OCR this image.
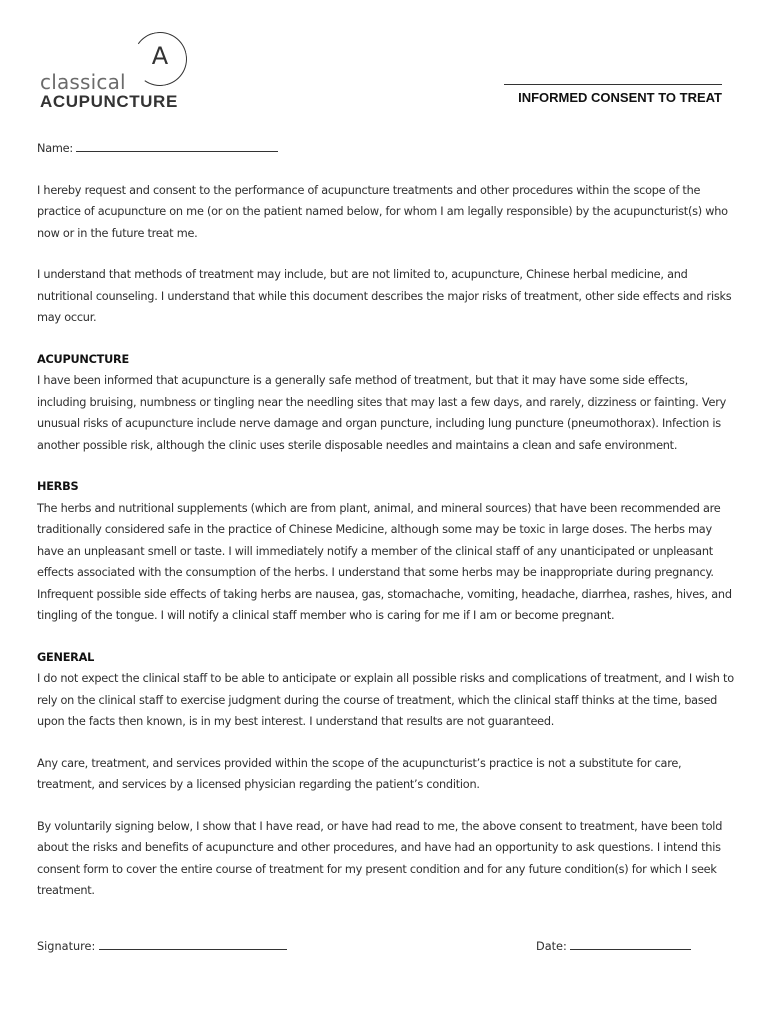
A
classical
ACUPUNCTURE	INFORMED CONSENT TO TREAT

Name:

I hereby request and consent to the performance of acupuncture treatments and other procedures within the scope of the practice of acupuncture on me (or on the patient named below, for whom I am legally responsible) by the acupuncturist(s) who now or in the future treat me.

I understand that methods of treatment may include, but are not limited to, acupuncture, Chinese herbal medicine, and nutritional counseling. I understand that while this document describes the major risks of treatment, other side effects and risks may occur.

ACUPUNCTURE

I have been informed that acupuncture is a generally safe method of treatment, but that it may have some side effects, including bruising, numbness or tingling near the needling sites that may last a few days, and rarely, dizziness or fainting. Very unusual risks of acupuncture include nerve damage and organ puncture, including lung puncture (pneumothorax). Infection is another possible risk, although the clinic uses sterile disposable needles and maintains a clean and safe environment.

HERBS

The herbs and nutritional supplements (which are from plant, animal, and mineral sources) that have been recommended are traditionally considered safe in the practice of Chinese Medicine, although some may be toxic in large doses. The herbs may have an unpleasant smell or taste. I will immediately notify a member of the clinical staff of any unanticipated or unpleasant effects associated with the consumption of the herbs. I understand that some herbs may be inappropriate during pregnancy. Infrequent possible side effects of taking herbs are nausea, gas, stomachache, vomiting, headache, diarrhea, rashes, hives, and tingling of the tongue. I will notify a clinical staff member who is caring for me if I am or become pregnant.

GENERAL

I do not expect the clinical staff to be able to anticipate or explain all possible risks and complications of treatment, and I wish to rely on the clinical staff to exercise judgment during the course of treatment, which the clinical staff thinks at the time, based upon the facts then known, is in my best interest. I understand that results are not guaranteed.

Any care, treatment, and services provided within the scope of the acupuncturist’s practice is not a substitute for care, treatment, and services by a licensed physician regarding the patient’s condition.

By voluntarily signing below, I show that I have read, or have had read to me, the above consent to treatment, have been told about the risks and benefits of acupuncture and other procedures, and have had an opportunity to ask questions. I intend this consent form to cover the entire course of treatment for my present condition and for any future condition(s) for which I seek treatment.

Signature:	Date:
